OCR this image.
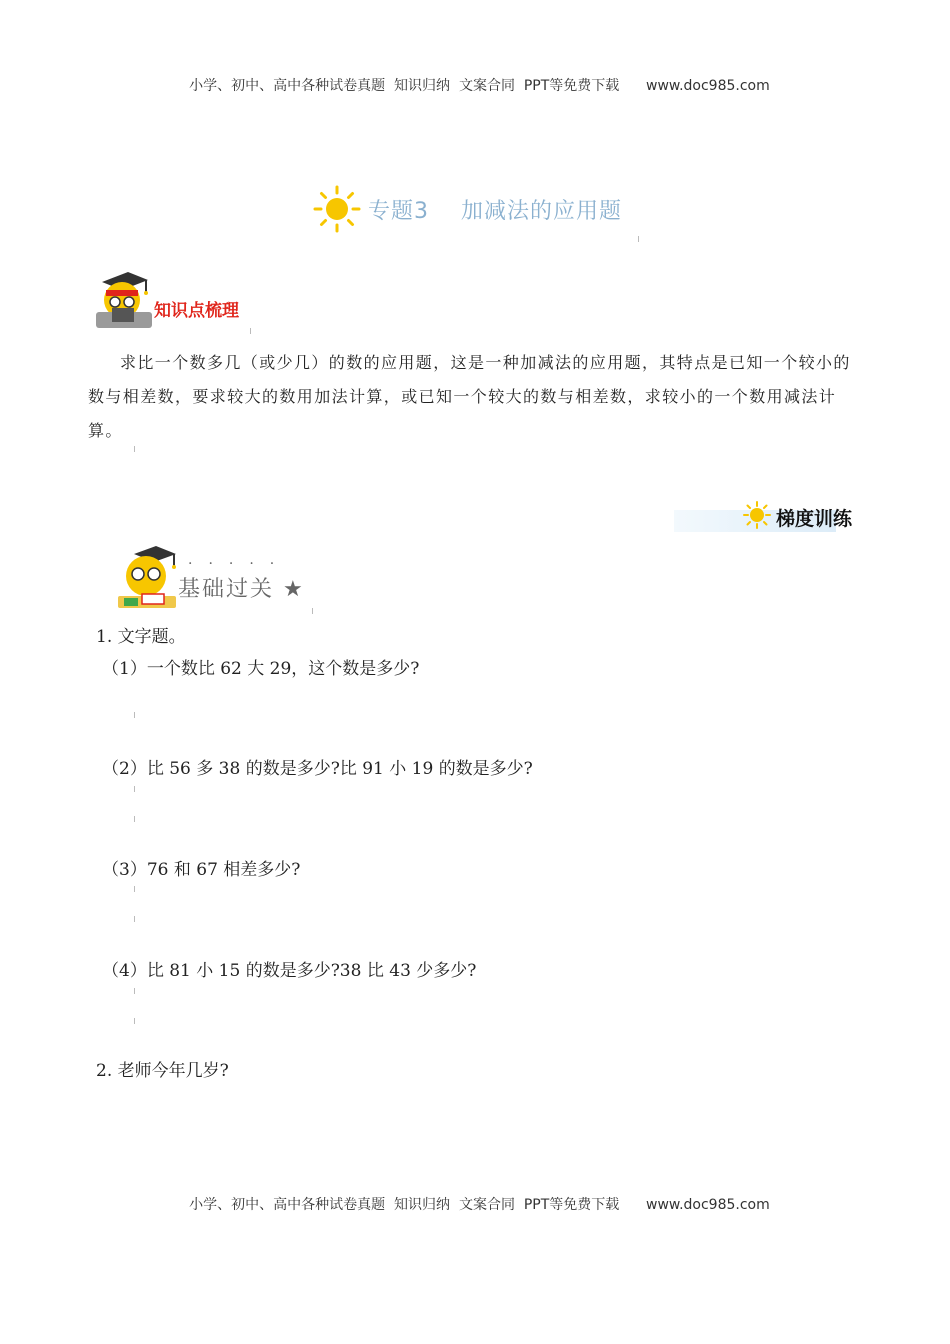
小学、初中、高中各种试卷真题  知识归纳  文案合同  PPT等免费下载 www.doc985.com

专题3    加减法的应用题
知识点梳理

求比一个数多几（或少几）的数的应用题，这是一种加减法的应用题，其特点是已知一个较小的数与相差数，要求较大的数用加法计算，或已知一个较大的数与相差数，求较小的一个数用减法计算。

梯度训练
·····
基础过关 ★
1. 文字题。
（1）一个数比 62 大 29，这个数是多少?
（2）比 56 多 38 的数是多少?比 91 小 19 的数是多少?
（3）76 和 67 相差多少?
（4）比 81 小 15 的数是多少?38 比 43 少多少?
2. 老师今年几岁?

小学、初中、高中各种试卷真题  知识归纳  文案合同  PPT等免费下载 www.doc985.com
